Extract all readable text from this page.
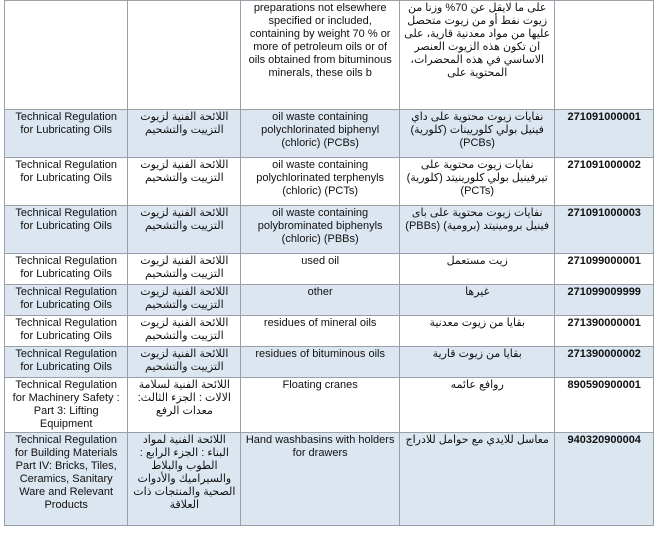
		preparations not elsewhere specified or included, containing by weight 70 % or more of petroleum oils or of oils obtained from bituminous minerals, these oils b	على ما لايقل عن 70% وزنا من زيوت نفط أو من زيوت متحصل عليها من مواد معدنية قارية، على ان تكون هذه الزيوت العنصر الاساسي في هذه المحضرات، المحتوية على	
Technical Regulation for Lubricating Oils	اللائحة الفنية لزيوت التزييت والتشحيم	oil waste containing polychlorinated biphenyl (chloric) (PCBs)	نفايات زيوت محتوية على داي فينيل بولي كلوريينات (كلورية) (PCBs)	271091000001
Technical Regulation for Lubricating Oils	اللائحة الفنية لزيوت التزييت والتشحيم	oil waste containing polychlorinated terphenyls (chloric) (PCTs)	نفايات زيوت محتوية على تيرفينيل بولي كلورينيتد (كلورية) (PCTs)	271091000002
Technical Regulation for Lubricating Oils	اللائحة الفنية لزيوت التزييت والتشحيم	oil waste containing polybrominated biphenyls (chloric) (PBBs)	نفايات زيوت محتوية على باى فينيل برومينيتد (برومية) (PBBs)	271091000003
Technical Regulation for Lubricating Oils	اللائحة الفنية لزيوت التزييت والتشحيم	used oil	زيت مستعمل	271099000001
Technical Regulation for Lubricating Oils	اللائحة الفنية لزيوت التزييت والتشحيم	other	غيرها	271099009999
Technical Regulation for Lubricating Oils	اللائحة الفنية لزيوت التزييت والتشحيم	residues of mineral oils	بقايا من زيوت معدنية	271390000001
Technical Regulation for Lubricating Oils	اللائحة الفنية لزيوت التزييت والتشحيم	residues of bituminous oils	بقايا من زيوت قارية	271390000002
Technical Regulation for Machinery Safety : Part 3: Lifting Equipment	اللائحة الفنية لسلامة الالات : الجزء الثالث: معدات الرفع	Floating cranes	روافع عائمه	890590900001
Technical Regulation for Building Materials Part IV: Bricks, Tiles, Ceramics, Sanitary Ware and Relevant Products	اللائحة الفنية لمواد البناء : الجزء الرابع : الطوب والبلاط والسيراميك والأدوات الصحية والمنتجات ذات العلاقة	Hand washbasins with holders for drawers	معاسل للايدي مع حوامل للادراج	940320900004
